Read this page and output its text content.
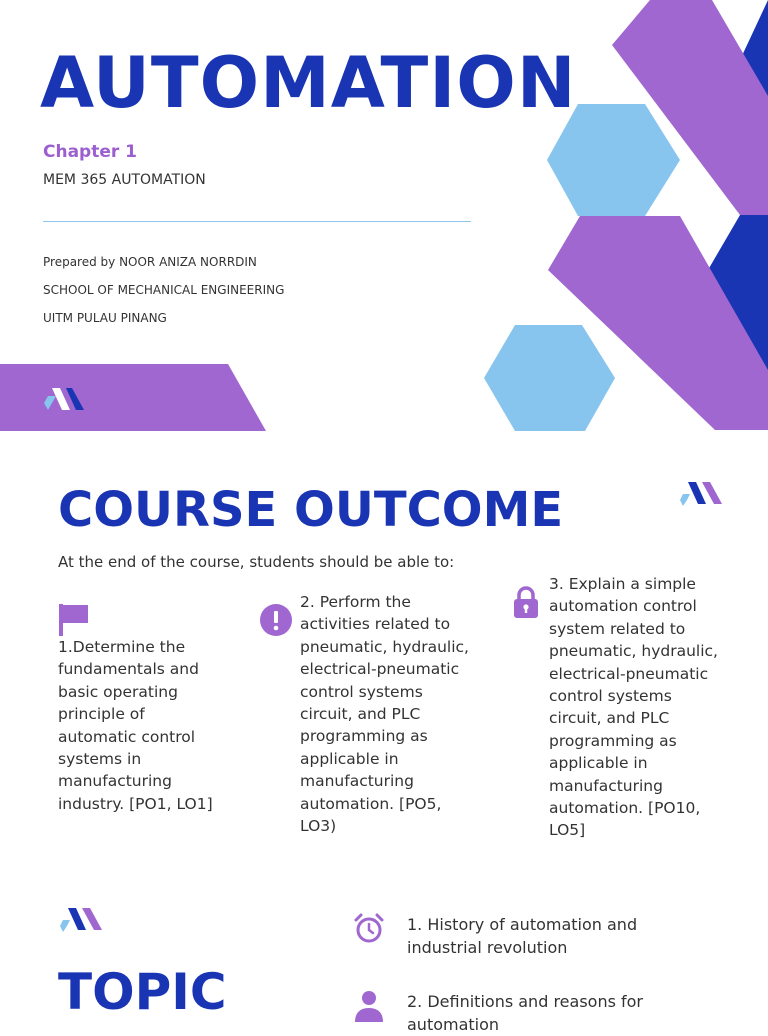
AUTOMATION
Chapter 1
MEM 365 AUTOMATION
Prepared by NOOR ANIZA NORRDIN
SCHOOL OF MECHANICAL ENGINEERING
UITM PULAU PINANG
COURSE OUTCOME
At the end of the course, students should be able to:
1.Determine the fundamentals and basic operating principle of automatic control systems in manufacturing industry. [PO1, LO1]
2. Perform the activities related to pneumatic, hydraulic, electrical-pneumatic control systems circuit, and PLC programming as applicable in manufacturing automation. [PO5, LO3)
3. Explain a simple automation control system related to pneumatic, hydraulic, electrical-pneumatic control systems circuit, and PLC programming as applicable in manufacturing automation. [PO10, LO5]
TOPIC
1. History of automation and industrial revolution
2. Definitions and reasons for automation
